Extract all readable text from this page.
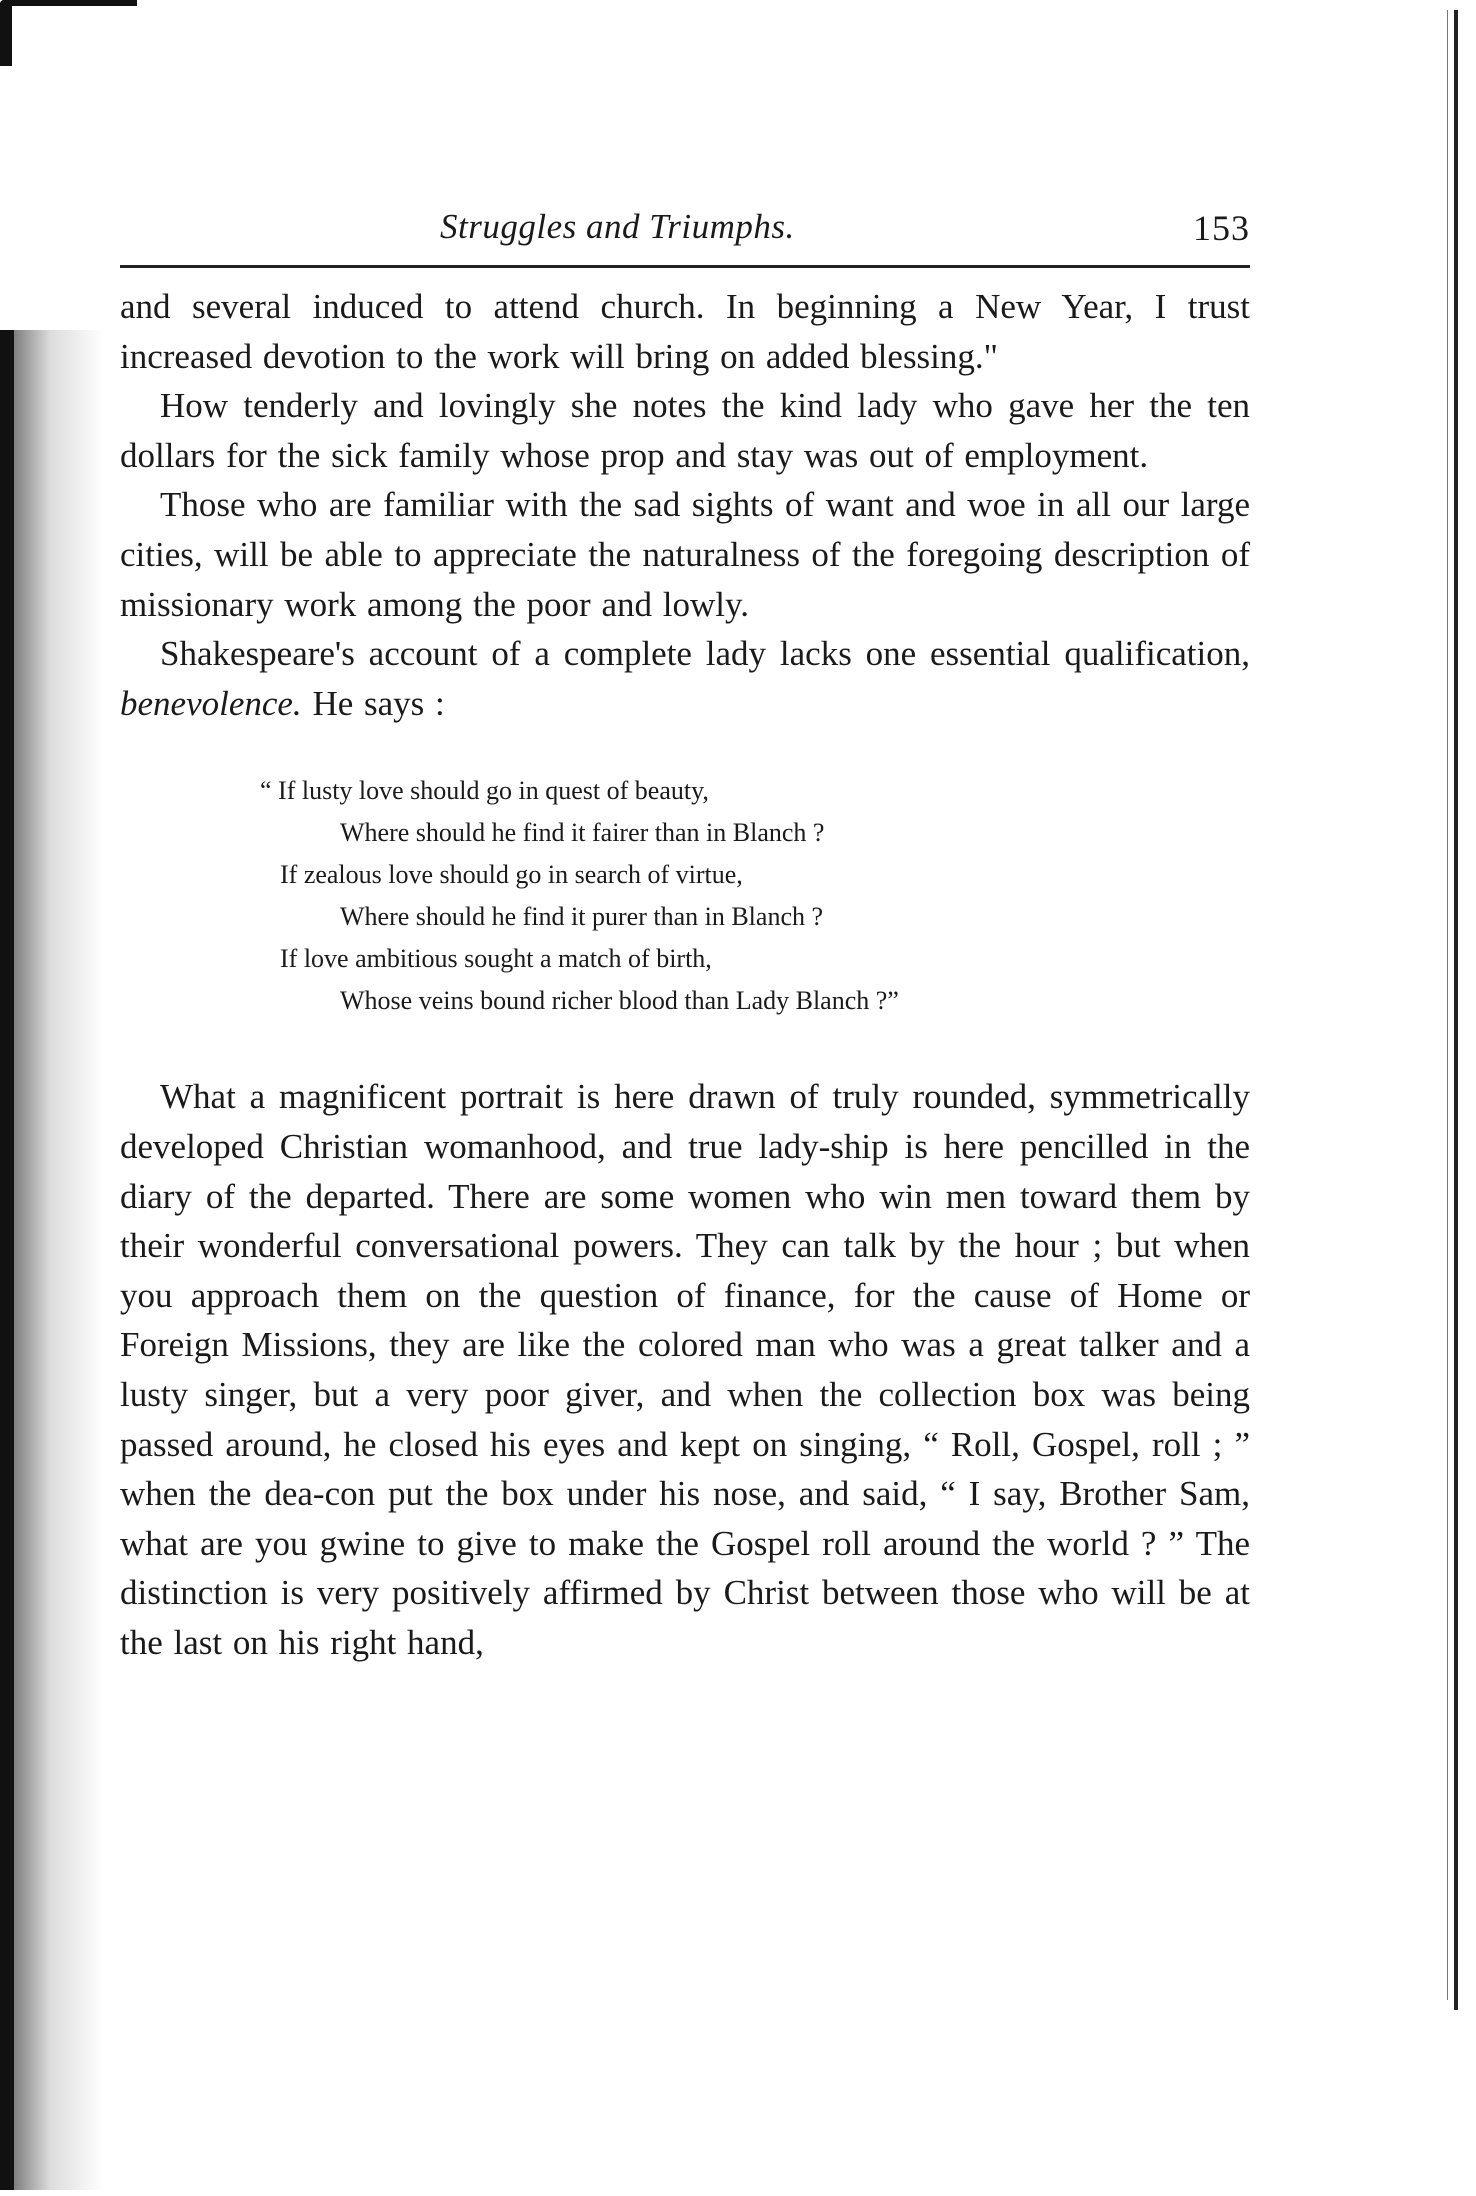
Struggles and Triumphs.	153

and several induced to attend church. In beginning a New Year, I trust increased devotion to the work will bring on added blessing."

How tenderly and lovingly she notes the kind lady who gave her the ten dollars for the sick family whose prop and stay was out of employment.

Those who are familiar with the sad sights of want and woe in all our large cities, will be able to appreciate the naturalness of the foregoing description of missionary work among the poor and lowly.

Shakespeare's account of a complete lady lacks one essential qualification, benevolence. He says :

“ If lusty love should go in quest of beauty,
Where should he find it fairer than in Blanch ?
If zealous love should go in search of virtue,
Where should he find it purer than in Blanch ?
If love ambitious sought a match of birth,
Whose veins bound richer blood than Lady Blanch ?”

What a magnificent portrait is here drawn of truly rounded, symmetrically developed Christian womanhood, and true lady-ship is here pencilled in the diary of the departed. There are some women who win men toward them by their wonderful conversational powers. They can talk by the hour ; but when you approach them on the question of finance, for the cause of Home or Foreign Missions, they are like the colored man who was a great talker and a lusty singer, but a very poor giver, and when the collection box was being passed around, he closed his eyes and kept on singing, “ Roll, Gospel, roll ; ” when the dea-con put the box under his nose, and said, “ I say, Brother Sam, what are you gwine to give to make the Gospel roll around the world ? ” The distinction is very positively affirmed by Christ between those who will be at the last on his right hand,
